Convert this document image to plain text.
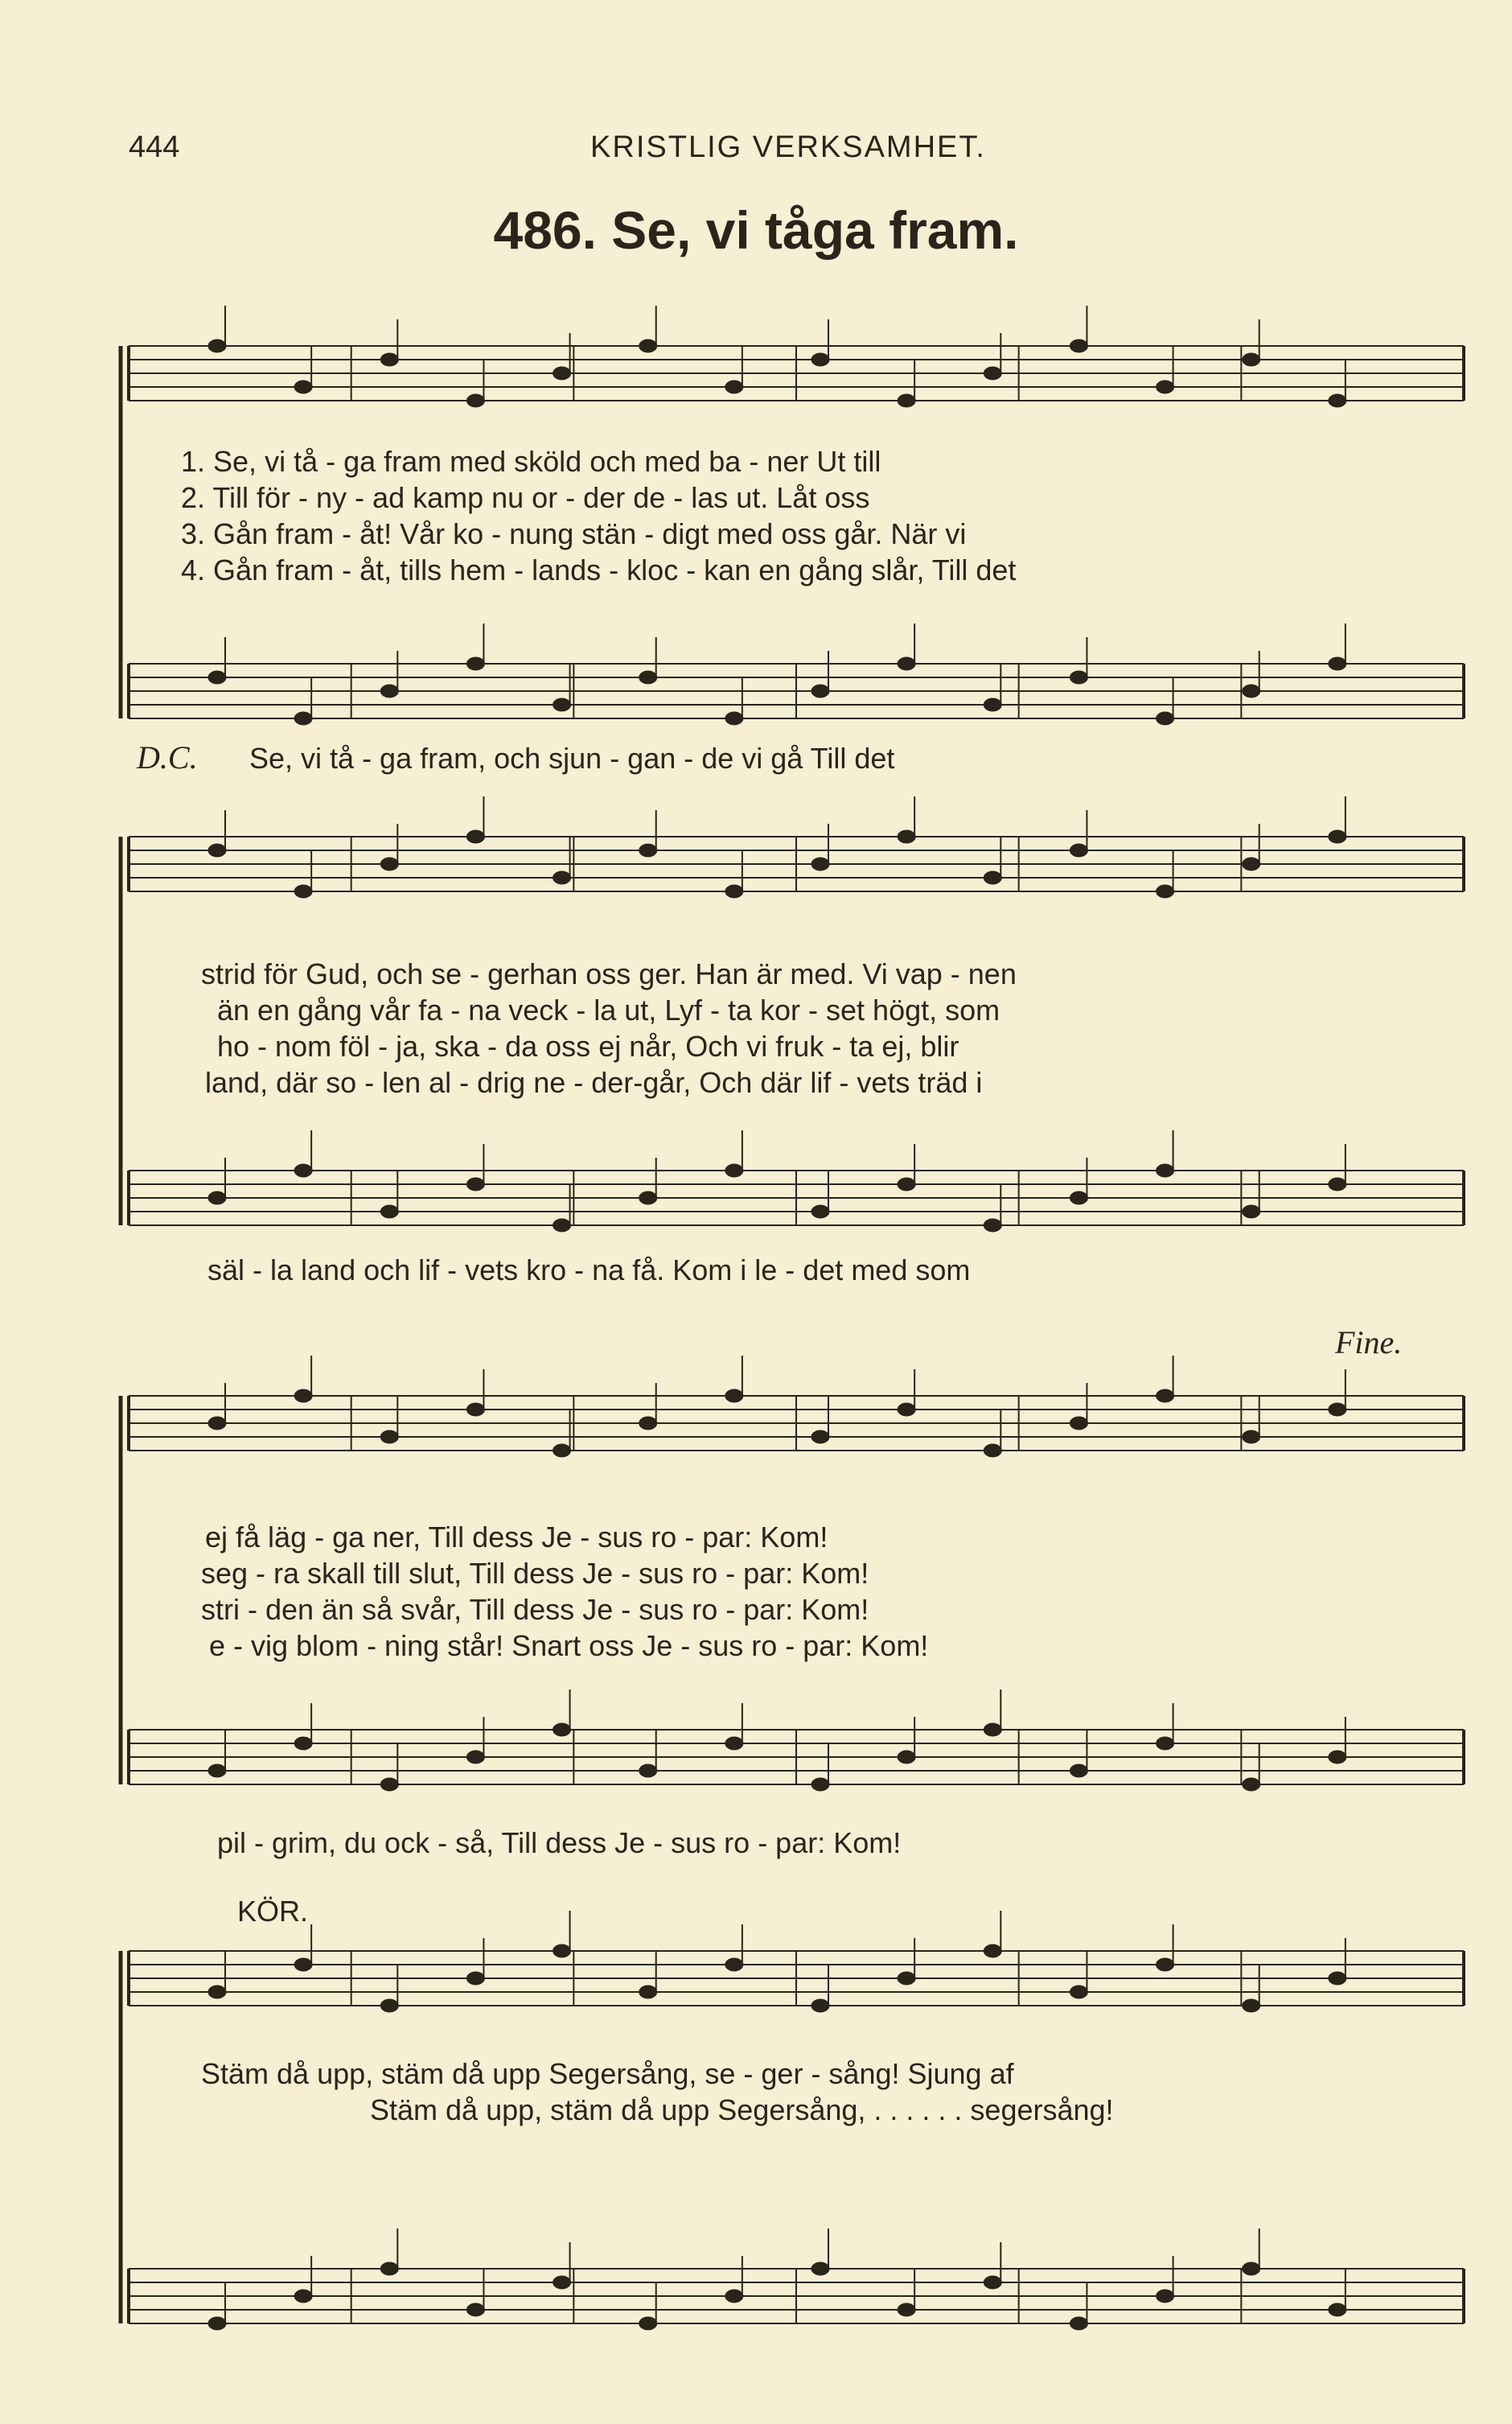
444	KRISTLIG VERKSAMHET.
486. Se, vi tåga fram.
1. Se, vi tå - ga fram med sköld och med ba - ner Ut till
2. Till för - ny - ad kamp nu or - der de - las ut. Låt oss
3. Gån fram - åt! Vår ko - nung stän - digt med oss går. När vi
4. Gån fram - åt, tills hem - lands - kloc - kan en gång slår, Till det
D.C. Se, vi tå - ga fram, och sjun - gan - de vi gå Till det
strid för Gud, och se - gerhan oss ger. Han är med. Vi vap - nen
än en gång vår fa - na veck - la ut, Lyf - ta kor - set högt, som
ho - nom föl - ja, ska - da oss ej når, Och vi fruk - ta ej, blir
land, där so - len al - drig ne - der-går, Och där lif - vets träd i
säl - la land och lif - vets kro - na få. Kom i le - det med som
Fine.
ej få läg - ga ner, Till dess Je - sus ro - par: Kom!
seg - ra skall till slut, Till dess Je - sus ro - par: Kom!
stri - den än så svår, Till dess Je - sus ro - par: Kom!
e - vig blom - ning står! Snart oss Je - sus ro - par: Kom!
pil - grim, du ock - så, Till dess Je - sus ro - par: Kom!
KÖR.
Stäm då upp, stäm då upp Segersång, se - ger - sång! Sjung af
Stäm då upp, stäm då upp Segersång, . . . . . . segersång!
